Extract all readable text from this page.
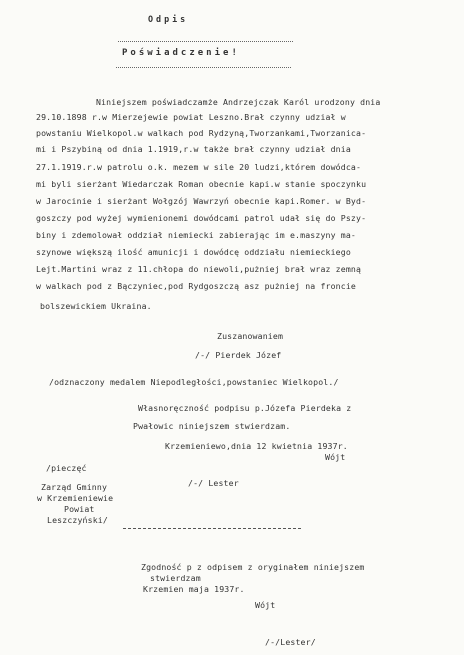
Odpis
Poświadczenie!
Niniejszem poświadczamże Andrzejczak Karól urodzony dnia
29.10.1898 r.w Mierzejewie powiat Leszno.Brał czynny udział w
powstaniu Wielkopol.w walkach pod Rydzyną,Tworzankami,Tworzanica-
mi i Pszybiną od dnia 1.1919,r.w także brał czynny udział dnia
27.1.1919.r.w patrolu o.k. mezem w sile 20 ludzi,którem dowódca-
mi byli sierżant Wiedarczak Roman obecnie kapi.w stanie spoczynku
w Jarocinie i sierżant Wołgzój Wawrzyń obecnie kapi.Romer. w Byd-
goszczy pod wyżej wymienionemi dowódcami patrol udał się do Pszy-
biny i zdemolował oddział niemiecki zabierając im e.maszyny ma-
szynowe większą ilość amunicji i dowódcę oddziału niemieckiego
Lejt.Martini wraz z 11.chłopa do niewoli,pużniej brał wraz zemną
w walkach pod z Bączyniec,pod Rydgoszczą asz pużniej na froncie
bolszewickiem Ukraina.
Zuszanowaniem
/-/ Pierdek Józef
/odznaczony medalem Niepodległości,powstaniec Wielkopol./
Własnoręczność podpisu p.Józefa Pierdeka z
Pwałowic niniejszem stwierdzam.
Krzemieniewo,dnia 12 kwietnia 1937r.
Wójt
/pieczęć
Zarząd Gminny
w Krzemieniewie
Powiat
Leszczyński/
/-/ Lester
Zgodność p z odpisem z oryginałem niniejszem
stwierdzam
Krzemien maja 1937r.
Wójt
/-/Lester/
